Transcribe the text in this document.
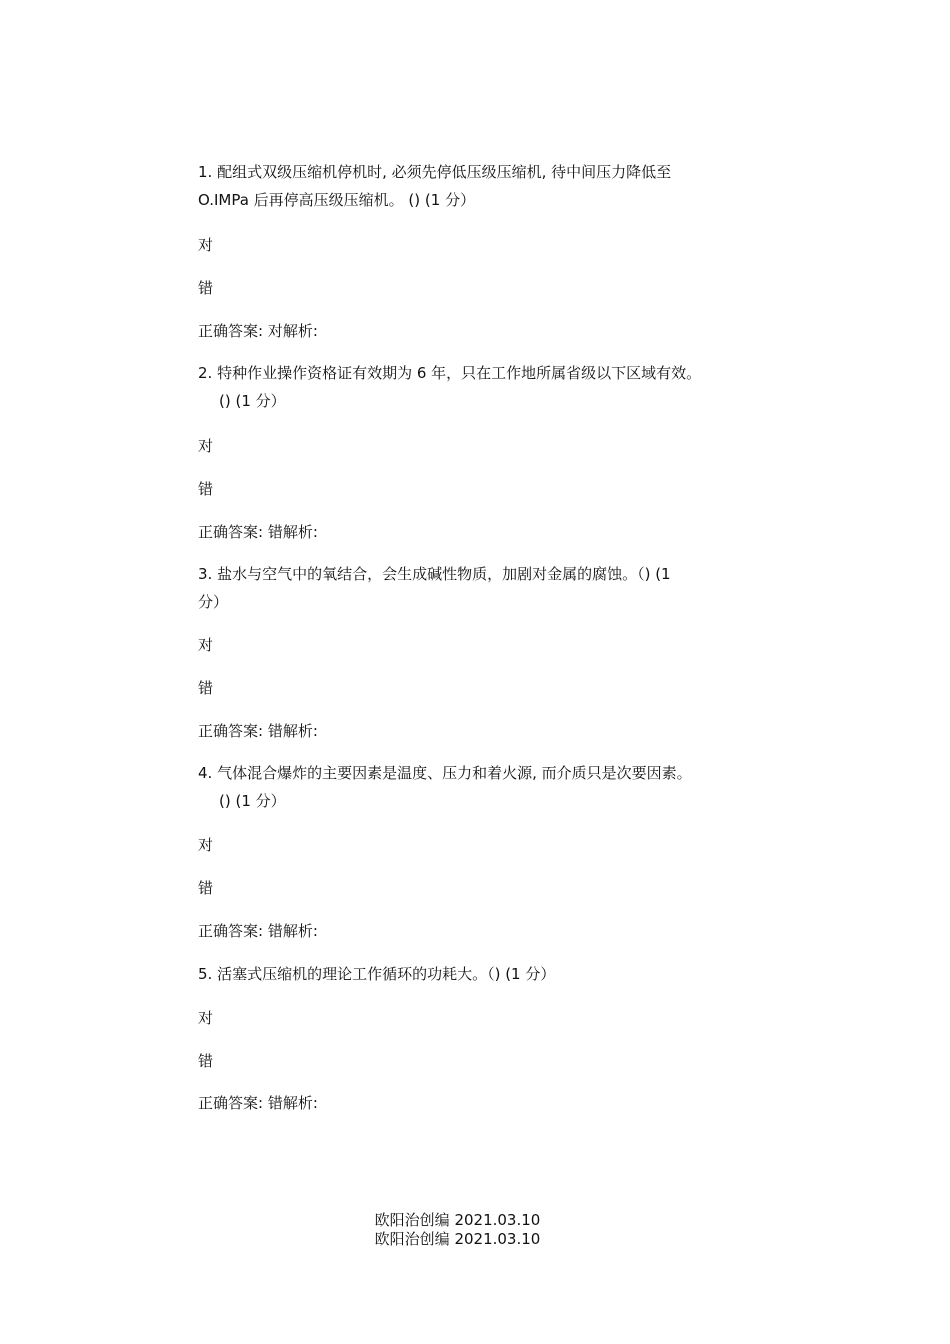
1. 配组式双级压缩机停机时, 必须先停低压级压缩机, 待中间压力降低至
O.IMPa 后再停高压级压缩机。 () (1 分）
对
错
正确答案: 对解析:
2. 特种作业操作资格证有效期为 6 年，只在工作地所属省级以下区域有效。
() (1 分）
对
错
正确答案: 错解析:
3. 盐水与空气中的氧结合，会生成碱性物质，加剧对金属的腐蚀。（) (1
分）
对
错
正确答案: 错解析:
4. 气体混合爆炸的主要因素是温度、压力和着火源, 而介质只是次要因素。
() (1 分）
对
错
正确答案: 错解析:
5. 活塞式压缩机的理论工作循环的功耗大。（) (1 分）
对
错
正确答案: 错解析:
欧阳治创编 2021.03.10
欧阳治创编 2021.03.10
